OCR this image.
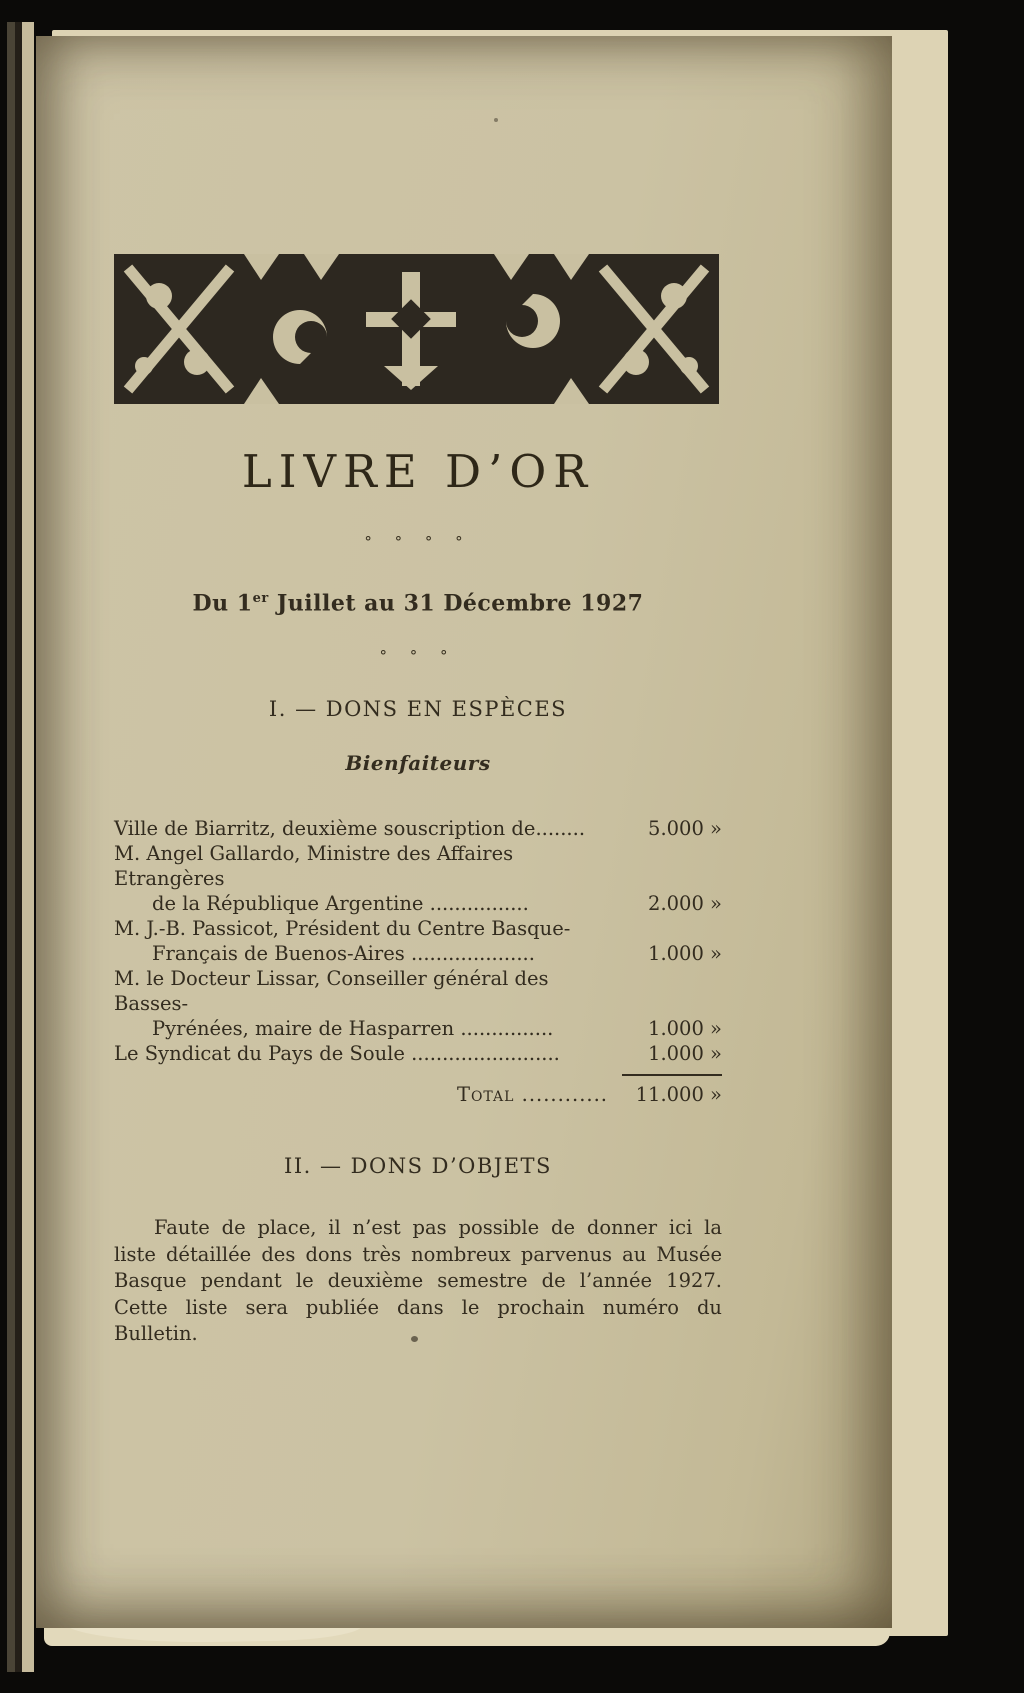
LIVRE D’OR
° ° ° °
Du 1er Juillet au 31 Décembre 1927
° ° °
I. — DONS EN ESPÈCES
Bienfaiteurs
Ville de Biarritz, deuxième souscription de........	5.000 »
M. Angel Gallardo, Ministre des Affaires Etrangères
de la République Argentine ................	2.000 »
M. J.-B. Passicot, Président du Centre Basque-
Français de Buenos-Aires ....................	1.000 »
M. le Docteur Lissar, Conseiller général des Basses-
Pyrénées, maire de Hasparren ...............	1.000 »
Le Syndicat du Pays de Soule ........................	1.000 »
Total ............	11.000 »
II. — DONS D’OBJETS
Faute de place, il n’est pas possible de donner ici la liste détaillée des dons très nombreux parvenus au Musée Basque pendant le deuxième semestre de l’année 1927. Cette liste sera publiée dans le prochain numéro du Bulletin.
